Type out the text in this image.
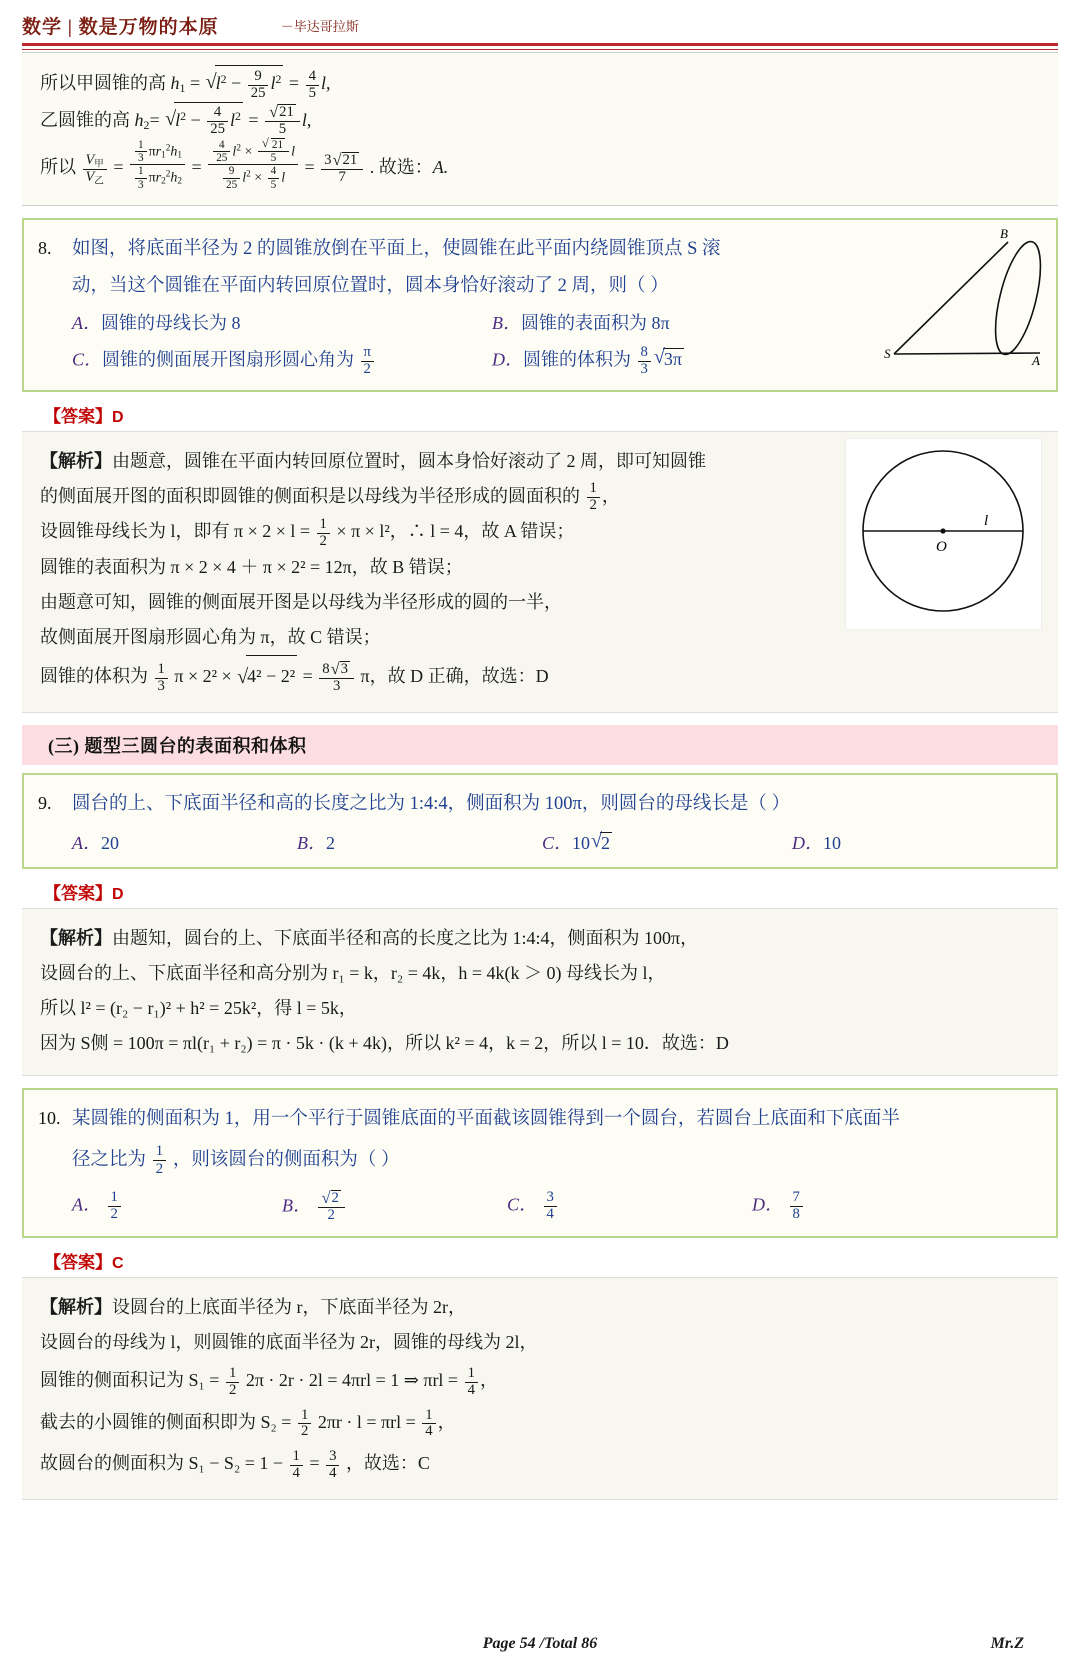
数学 | 数是万物的本原	－毕达哥拉斯
所以甲圆锥的高 $h_1$ = √ $l^2 - \frac{9}{25} l^2 = \frac{4}{5} l$,
乙圆锥的高 $h_2=$ √ $l^2 - \frac{4}{25} l^2$ = √ $\frac{21}{5} l$,
所以 $\frac{V_甲}{V_乙} = \frac{\frac{1}{3} \pi r_1^2h_1}{\frac{1}{3} \pi r_2^2h_2} = \frac{\frac{4}{25} l^2 \times √ \frac{21}{5} l}{\frac{9}{25} l^2 \times \frac{4}{5} l} = \frac{3 √ 21}{7}$ . 故选：A.
8. 如图，将底面半径为 2 的圆锥放倒在平面上，使圆锥在此平面内绕圆锥顶点 S 滚
动，当这个圆锥在平面内转回原位置时，圆本身恰好滚动了 2 周，则（ ）
A．圆锥的母线长为 8	B．圆锥的表面积为 8π
C．圆锥的侧面展开图扇形圆心角为 $\frac{\pi}{2}$	D．圆锥的体积为 $\frac{8}{3}$ √ 3π
B
S	A
【答案】D
【解析】由题意，圆锥在平面内转回原位置时，圆本身恰好滚动了 2 周，即可知圆锥
的侧面展开图的面积即圆锥的侧面积是以母线为半径形成的圆面积的 $\frac{1}{2}$ ，
设圆锥母线长为 l，即有 $\pi \times 2 \times l = \frac{1}{2} \times \pi \times l^2$，∴ l = 4，故 A 错误；
圆锥的表面积为 π × 2 × 4 ＋ π × 2² = 12π，故 B 错误；
由题意可知，圆锥的侧面展开图是以母线为半径形成的圆的一半，
故侧面展开图扇形圆心角为 π，故 C 错误；
圆锥的体积为 $\frac{1}{3}$ π × 2² × √ $4^2 - 2^2 = \frac{8 √ 3}{3}$ π，故 D 正确，故选：D
O
l
(三) 题型三圆台的表面积和体积
9. 圆台的上、下底面半径和高的长度之比为 1:4:4，侧面积为 100π，则圆台的母线长是（ ）
A．20	B．2	C．10 √ 2	D．10
【答案】D
【解析】由题知，圆台的上、下底面半径和高的长度之比为 1:4:4，侧面积为 100π，
设圆台的上、下底面半径和高分别为 r₁ = k，r₂ = 4k，h = 4k(k ＞ 0) 母线长为 l，
所以 l² = (r₂ − r₁)² + h² = 25k²，得 l = 5k，
因为 S侧 = 100π = πl(r₁ + r₂) = π · 5k · (k + 4k)，所以 k² = 4，k = 2，所以 l = 10．故选：D
10. 某圆锥的侧面积为 1，用一个平行于圆锥底面的平面截该圆锥得到一个圆台，若圆台上底面和下底面半
径之比为 $\frac{1}{2}$ ，则该圆台的侧面积为（ ）
A． $\frac{1}{2}$	B． √ $\frac{2}{2}$	C． $\frac{3}{4}$	D． $\frac{7}{8}$
【答案】C
【解析】设圆台的上底面半径为 r，下底面半径为 2r，
设圆台的母线为 l，则圆锥的底面半径为 2r，圆锥的母线为 2l，
圆锥的侧面积记为 $S_1 = \frac{1}{2} 2\pi \cdot 2r \cdot 2l = 4\pi rl = 1$ ⇒ $\pi rl = \frac{1}{4}$ ，
截去的小圆锥的侧面积即为 $S_2 = \frac{1}{2} 2\pi r \cdot l = \pi rl = \frac{1}{4}$ ，
故圆台的侧面积为 $S_1 - S_2 = 1 - \frac{1}{4} = \frac{3}{4}$ ，故选：C
Page 54 /Total 86	Mr.Z
